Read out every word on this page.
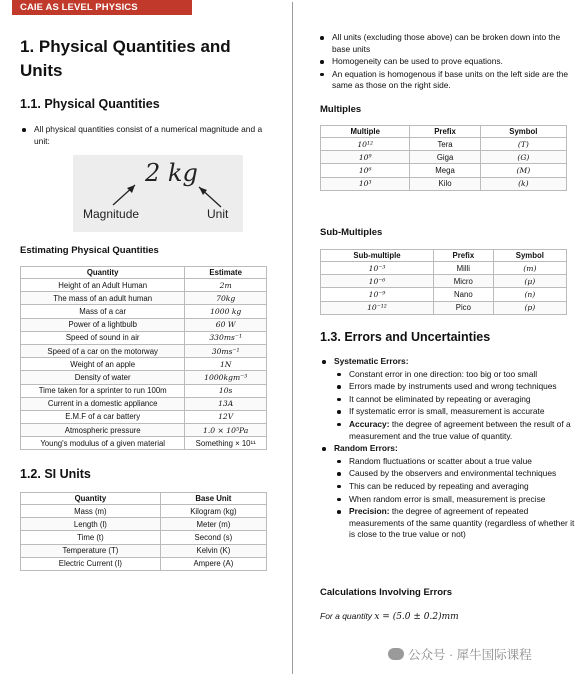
CAIE AS LEVEL PHYSICS
1. Physical Quantities and Units
1.1. Physical Quantities
All physical quantities consist of a numerical magnitude and a unit:
2 kg
Magnitude	Unit
Estimating Physical Quantities
Quantity	Estimate
Height of an Adult Human	2m
The mass of an adult human	70kg
Mass of a car	1000 kg
Power of a lightbulb	60 W
Speed of sound in air	330ms⁻¹
Speed of a car on the motorway	30ms⁻¹
Weight of an apple	1N
Density of water	1000kgm⁻³
Time taken for a sprinter to run 100m	10s
Current in a domestic appliance	13A
E.M.F of a car battery	12V
Atmospheric pressure	1.0 × 10⁵Pa
Young's modulus of a given material	Something × 10¹¹
1.2. SI Units
Quantity	Base Unit
Mass (m)	Kilogram (kg)
Length (l)	Meter (m)
Time (t)	Second (s)
Temperature (T)	Kelvin (K)
Electric Current (I)	Ampere (A)
All units (excluding those above) can be broken down into the base units
Homogeneity can be used to prove equations.
An equation is homogenous if base units on the left side are the same as those on the right side.
Multiples
Multiple	Prefix	Symbol
10¹²	Tera	(T)
10⁹	Giga	(G)
10⁶	Mega	(M)
10³	Kilo	(k)
Sub-Multiples
Sub-multiple	Prefix	Symbol
10⁻³	Milli	(m)
10⁻⁶	Micro	(μ)
10⁻⁹	Nano	(n)
10⁻¹²	Pico	(p)
1.3. Errors and Uncertainties
Systematic Errors:
Constant error in one direction: too big or too small
Errors made by instruments used and wrong techniques
It cannot be eliminated by repeating or averaging
If systematic error is small, measurement is accurate
Accuracy: the degree of agreement between the result of a measurement and the true value of quantity.
Random Errors:
Random fluctuations or scatter about a true value
Caused by the observers and environmental techniques
This can be reduced by repeating and averaging
When random error is small, measurement is precise
Precision: the degree of agreement of repeated measurements of the same quantity (regardless of whether it is close to the true value or not)
Calculations Involving Errors
For a quantity x = (5.0 ± 0.2)mm
公众号 · 犀牛国际课程
